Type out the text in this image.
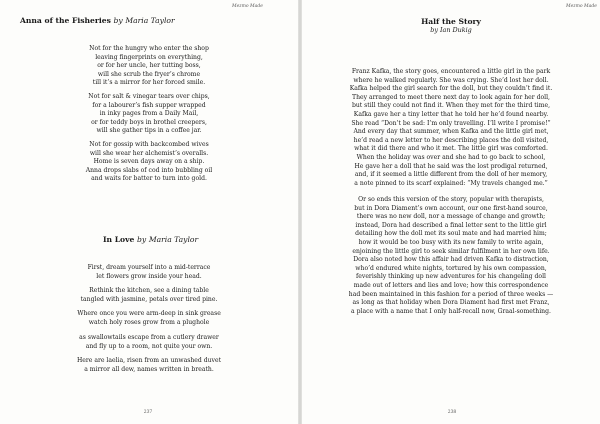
Mezmo Made
Anna of the Fisheries by Maria Taylor
Not for the hungry who enter the shop
leaving fingerprints on everything,
or for her uncle, her tutting boss,
will she scrub the fryer’s chrome
till it’s a mirror for her forced smile.
Not for salt & vinegar tears over chips,
for a labourer’s fish supper wrapped
in inky pages from a Daily Mail,
or for teddy boys in brothel creepers,
will she gather tips in a coffee jar.
Not for gossip with backcombed wives
will she wear her alchemist’s overalls.
Home is seven days away on a ship.
Anna drops slabs of cod into bubbling oil
and waits for batter to turn into gold.
In Love by Maria Taylor
First, dream yourself into a mid-terrace
let flowers grow inside your head.
Rethink the kitchen, see a dining table
tangled with jasmine, petals over tired pine.
Where once you were arm-deep in sink grease
watch holy roses grow from a plughole
as swallowtails escape from a cutlery drawer
and fly up to a room, not quite your own.
Here are laelia, risen from an unwashed duvet
a mirror all dew, names written in breath.
237
Mezmo Made
Half the Story
by Ian Dukig
Franz Kafka, the story goes, encountered a little girl in the park
where he walked regularly. She was crying. She’d lost her doll.
Kafka helped the girl search for the doll, but they couldn’t find it.
They arranged to meet there next day to look again for her doll,
but still they could not find it. When they met for the third time,
Kafka gave her a tiny letter that he told her he’d found nearby.
She read “Don’t be sad: I’m only travelling. I’ll write I promise!”
And every day that summer, when Kafka and the little girl met,
he’d read a new letter to her describing places the doll visited,
what it did there and who it met. The little girl was comforted.
When the holiday was over and she had to go back to school,
He gave her a doll that he said was the lost prodigal returned,
and, if it seemed a little different from the doll of her memory,
a note pinned to its scarf explained: “My travels changed me.”
Or so ends this version of the story, popular with therapists,
but in Dora Diament’s own account, our one first-hand source,
there was no new doll, nor a message of change and growth;
instead, Dora had described a final letter sent to the little girl
detailing how the doll met its soul mate and had married him;
how it would be too busy with its new family to write again,
enjoining the little girl to seek similar fulfilment in her own life.
Dora also noted how this affair had driven Kafka to distraction,
who’d endured white nights, tortured by his own compassion,
feverishly thinking up new adventures for his changeling doll
made out of letters and lies and love; how this correspondence
had been maintained in this fashion for a period of three weeks —
as long as that holiday when Dora Diament had first met Franz,
a place with a name that I only half-recall now, Graal-something.
238
